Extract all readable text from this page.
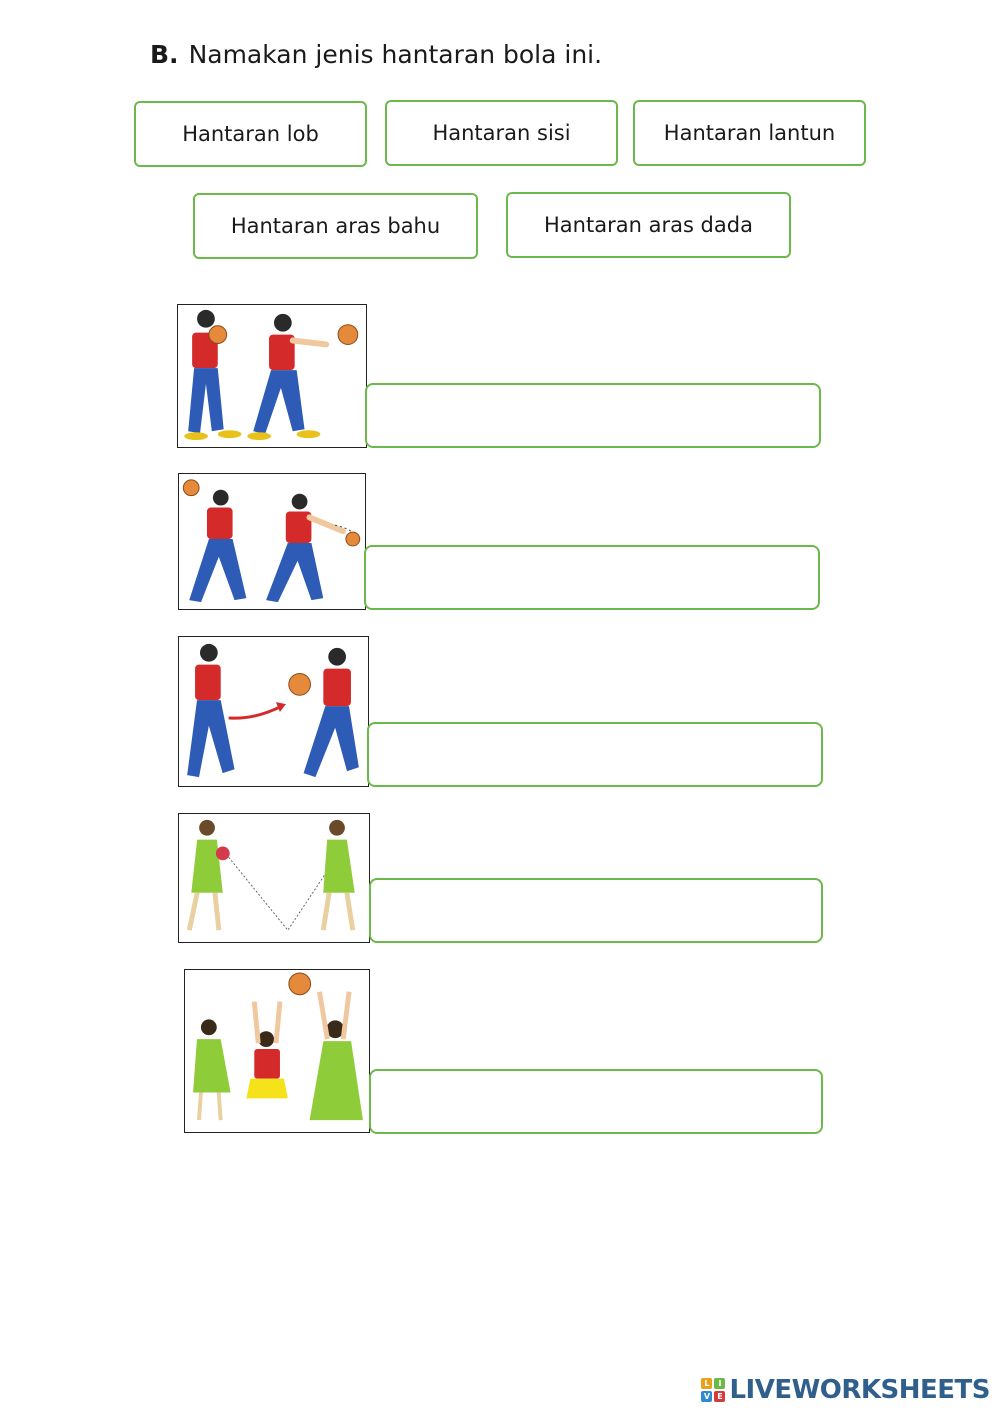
B. Namakan jenis hantaran bola ini.
Hantaran lob	Hantaran sisi	Hantaran lantun
Hantaran aras bahu	Hantaran aras dada
L	I
V E LIVEWORKSHEETS
